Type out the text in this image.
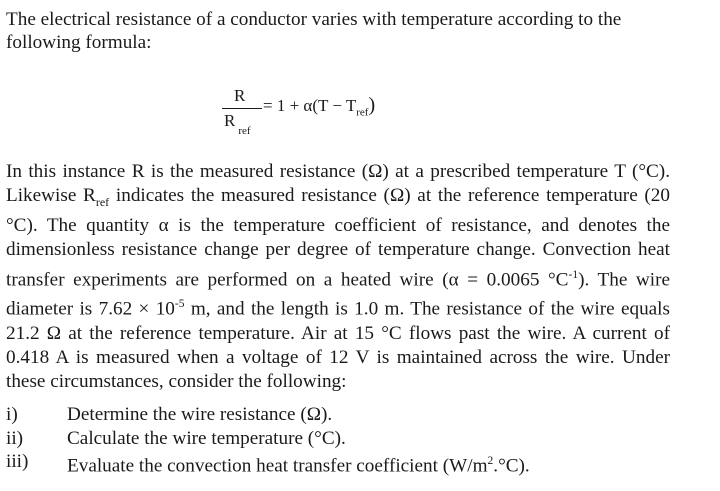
The electrical resistance of a conductor varies with temperature according to the following formula:

R
$R_{ref}$
= $1 + \alpha(T - T_{ref})$

In this instance R is the measured resistance (Ω) at a prescribed temperature T (°C). Likewise $R_{ref}$ indicates the measured resistance (Ω) at the reference temperature (20 °C). The quantity α is the temperature coefficient of resistance, and denotes the dimensionless resistance change per degree of temperature change. Convection heat transfer experiments are performed on a heated wire (α = 0.0065 $^\circ C^{-1}$). The wire diameter is $7.62 \times 10^{-5}$ m, and the length is 1.0 m. The resistance of the wire equals 21.2 Ω at the reference temperature. Air at 15 °C flows past the wire. A current of 0.418 A is measured when a voltage of 12 V is maintained across the wire. Under these circumstances, consider the following:

i)	Determine the wire resistance (Ω).
ii) Calculate the wire temperature (°C).
iii) Evaluate the convection heat transfer coefficient $(W/m^2.^\circ C)$.
